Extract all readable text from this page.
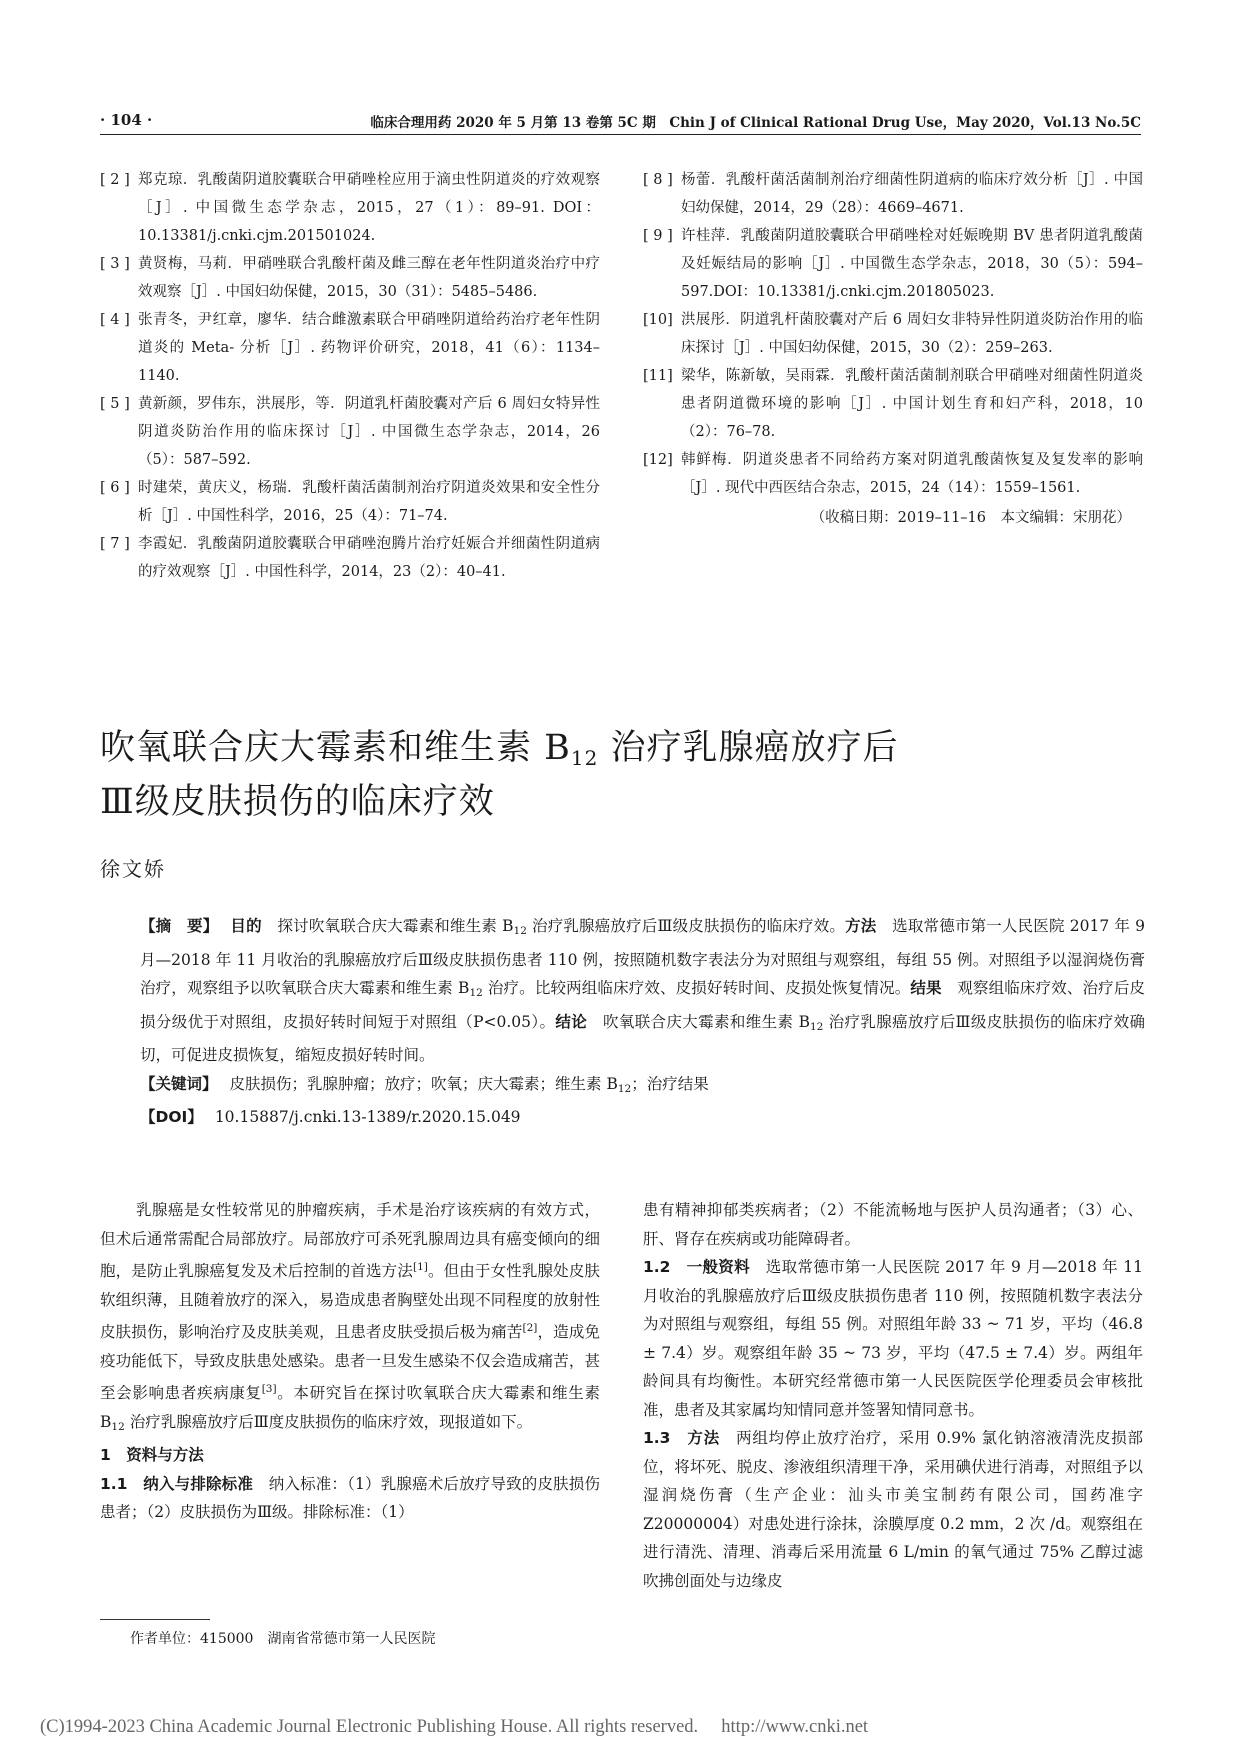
· 104 ·	临床合理用药 2020 年 5 月第 13 卷第 5C 期　Chin J of Clinical Rational Drug Use，May 2020，Vol.13 No.5C
[ 2 ] 郑克琼．乳酸菌阴道胶囊联合甲硝唑栓应用于滴虫性阴道炎的疗效观察［J］. 中国微生态学杂志，2015，27（1）：89–91. DOI：10.13381/j.cnki.cjm.201501024.
[ 3 ] 黄贤梅，马莉．甲硝唑联合乳酸杆菌及雌三醇在老年性阴道炎治疗中疗效观察［J］. 中国妇幼保健，2015，30（31）：5485–5486.
[ 4 ] 张青冬，尹红章，廖华．结合雌激素联合甲硝唑阴道给药治疗老年性阴道炎的 Meta- 分析［J］. 药物评价研究，2018，41（6）：1134–1140.
[ 5 ] 黄新颜，罗伟东，洪展彤，等．阴道乳杆菌胶囊对产后 6 周妇女特异性阴道炎防治作用的临床探讨［J］. 中国微生态学杂志，2014，26（5）：587–592.
[ 6 ] 时建荣，黄庆义，杨瑞．乳酸杆菌活菌制剂治疗阴道炎效果和安全性分析［J］. 中国性科学，2016，25（4）：71–74.
[ 7 ] 李霞妃．乳酸菌阴道胶囊联合甲硝唑泡腾片治疗妊娠合并细菌性阴道病的疗效观察［J］. 中国性科学，2014，23（2）：40–41.
[ 8 ] 杨蕾．乳酸杆菌活菌制剂治疗细菌性阴道病的临床疗效分析［J］. 中国妇幼保健，2014，29（28）：4669–4671.
[ 9 ] 许桂萍．乳酸菌阴道胶囊联合甲硝唑栓对妊娠晚期 BV 患者阴道乳酸菌及妊娠结局的影响［J］. 中国微生态学杂志，2018，30（5）：594–597.DOI：10.13381/j.cnki.cjm.201805023.
[10] 洪展彤．阴道乳杆菌胶囊对产后 6 周妇女非特异性阴道炎防治作用的临床探讨［J］. 中国妇幼保健，2015，30（2）：259–263.
[11] 梁华，陈新敏，吴雨霖．乳酸杆菌活菌制剂联合甲硝唑对细菌性阴道炎患者阴道微环境的影响［J］. 中国计划生育和妇产科，2018，10（2）：76–78.
[12] 韩鲜梅．阴道炎患者不同给药方案对阴道乳酸菌恢复及复发率的影响［J］. 现代中西医结合杂志，2015，24（14）：1559–1561.
（收稿日期：2019–11–16　本文编辑：宋朋花）
吹氧联合庆大霉素和维生素 $B_{12}$ 治疗乳腺癌放疗后
Ⅲ级皮肤损伤的临床疗效
徐文娇

【摘　要】 目的　 探讨吹氧联合庆大霉素和维生素 $B_{12}$ 治疗乳腺癌放疗后Ⅲ级皮肤损伤的临床疗效。方法　 选取常德市第一人民医院 2017 年 9 月—2018 年 11 月收治的乳腺癌放疗后Ⅲ级皮肤损伤患者 110 例，按照随机数字表法分为对照组与观察组，每组 55 例。对照组予以湿润烧伤膏治疗，观察组予以吹氧联合庆大霉素和维生素 $B_{12}$ 治疗。比较两组临床疗效、皮损好转时间、皮损处恢复情况。结果　 观察组临床疗效、治疗后皮损分级优于对照组，皮损好转时间短于对照组（P<0.05）。结论　 吹氧联合庆大霉素和维生素 $B_{12}$ 治疗乳腺癌放疗后Ⅲ级皮肤损伤的临床疗效确切，可促进皮损恢复，缩短皮损好转时间。

【关键词】 皮肤损伤；乳腺肿瘤；放疗；吹氧；庆大霉素；维生素 $B_{12}$；治疗结果

【DOI】 10.15887/j.cnki.13-1389/r.2020.15.049

乳腺癌是女性较常见的肿瘤疾病，手术是治疗该疾病的有效方式，但术后通常需配合局部放疗。局部放疗可杀死乳腺周边具有癌变倾向的细胞，是防止乳腺癌复发及术后控制的首选方法[1]。但由于女性乳腺处皮肤软组织薄，且随着放疗的深入，易造成患者胸壁处出现不同程度的放射性皮肤损伤，影响治疗及皮肤美观，且患者皮肤受损后极为痛苦[2]，造成免疫功能低下，导致皮肤患处感染。患者一旦发生感染不仅会造成痛苦，甚至会影响患者疾病康复[3]。本研究旨在探讨吹氧联合庆大霉素和维生素 $B_{12}$ 治疗乳腺癌放疗后Ⅲ度皮肤损伤的临床疗效，现报道如下。

1　资料与方法

1.1　纳入与排除标准　 纳入标准：（1）乳腺癌术后放疗导致的皮肤损伤患者；（2）皮肤损伤为Ⅲ级。排除标准：（1）

患有精神抑郁类疾病者；（2）不能流畅地与医护人员沟通者；（3）心、肝、肾存在疾病或功能障碍者。

1.2　一般资料　 选取常德市第一人民医院 2017 年 9 月—2018 年 11 月收治的乳腺癌放疗后Ⅲ级皮肤损伤患者 110 例，按照随机数字表法分为对照组与观察组，每组 55 例。对照组年龄 33 ~ 71 岁，平均（46.8 ± 7.4）岁。观察组年龄 35 ~ 73 岁，平均（47.5 ± 7.4）岁。两组年龄间具有均衡性。本研究经常德市第一人民医院医学伦理委员会审核批准，患者及其家属均知情同意并签署知情同意书。

1.3　方法　 两组均停止放疗治疗，采用 0.9% 氯化钠溶液清洗皮损部位，将坏死、脱皮、渗液组织清理干净，采用碘伏进行消毒，对照组予以湿润烧伤膏（生产企业：汕头市美宝制药有限公司，国药准字 Z20000004）对患处进行涂抹，涂膜厚度 0.2 mm，2 次 /d。观察组在进行清洗、清理、消毒后采用流量 6 L/min 的氧气通过 75% 乙醇过滤吹拂创面处与边缘皮

作者单位：415000　湖南省常德市第一人民医院
(C)1994-2023 China Academic Journal Electronic Publishing House. All rights reserved.　 http://www.cnki.net
